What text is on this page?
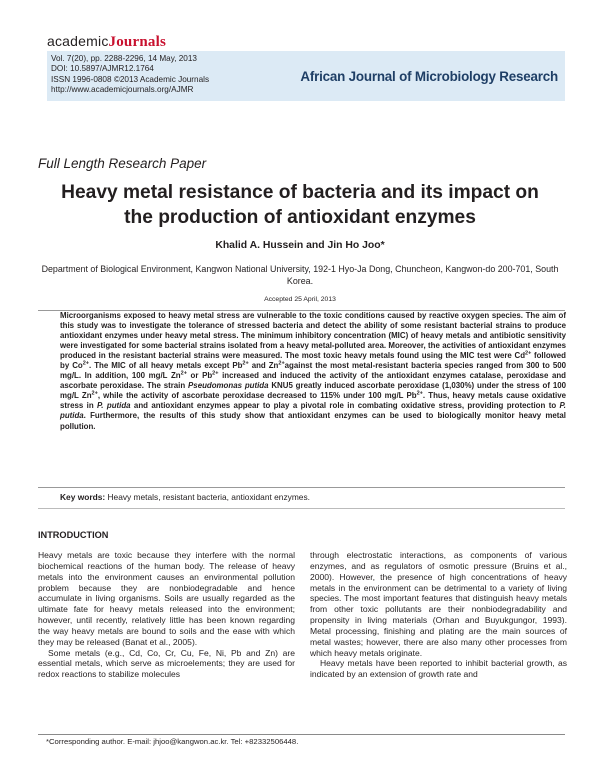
academicJournals
Vol. 7(20), pp. 2288-2296, 14 May, 2013
DOI: 10.5897/AJMR12.1764
ISSN 1996-0808 ©2013 Academic Journals
http://www.academicjournals.org/AJMR
African Journal of Microbiology Research
Full Length Research Paper
Heavy metal resistance of bacteria and its impact on
the production of antioxidant enzymes
Khalid A. Hussein and Jin Ho Joo*
Department of Biological Environment, Kangwon National University, 192-1 Hyo-Ja Dong, Chuncheon, Kangwon-do 200-701, South Korea.
Accepted 25 April, 2013
Microorganisms exposed to heavy metal stress are vulnerable to the toxic conditions caused by reactive oxygen species. The aim of this study was to investigate the tolerance of stressed bacteria and detect the ability of some resistant bacterial strains to produce antioxidant enzymes under heavy metal stress. The minimum inhibitory concentration (MIC) of heavy metals and antibiotic sensitivity were investigated for some bacterial strains isolated from a heavy metal-polluted area. Moreover, the activities of antioxidant enzymes produced in the resistant bacterial strains were measured. The most toxic heavy metals found using the MIC test were $Cd^{2+}$ followed by $Co^{2+}$. The MIC of all heavy metals except $Pb^{2+}$ and $Zn^{2+}against$ the most metal-resistant bacteria species ranged from 300 to 500 mg/L. In addition, 100 mg/L $Zn^{2+}$ or $Pb^{2+}$ increased and induced the activity of the antioxidant enzymes catalase, peroxidase and ascorbate peroxidase. The strain Pseudomonas putida KNU5 greatly induced ascorbate peroxidase (1,030%) under the stress of 100 mg/L $Zn^{2+}$, while the activity of ascorbate peroxidase decreased to 115% under 100 mg/L $Pb^{2+}$. Thus, heavy metals cause oxidative stress in P. putida and antioxidant enzymes appear to play a pivotal role in combating oxidative stress, providing protection to P. putida. Furthermore, the results of this study show that antioxidant enzymes can be used to biologically monitor heavy metal pollution.
Key words: Heavy metals, resistant bacteria, antioxidant enzymes.
INTRODUCTION

Heavy metals are toxic because they interfere with the normal biochemical reactions of the human body. The release of heavy metals into the environment causes an environmental pollution problem because they are nonbiodegradable and hence accumulate in living organisms. Soils are usually regarded as the ultimate fate for heavy metals released into the environment; however, until recently, relatively little has been known regarding the way heavy metals are bound to soils and the ease with which they may be released (Banat et al., 2005).

Some metals (e.g., Cd, Co, Cr, Cu, Fe, Ni, Pb and Zn) are essential metals, which serve as microelements; they are used for redox reactions to stabilize molecules

through electrostatic interactions, as components of various enzymes, and as regulators of osmotic pressure (Bruins et al., 2000). However, the presence of high concentrations of heavy metals in the environment can be detrimental to a variety of living species. The most important features that distinguish heavy metals from other toxic pollutants are their nonbiodegradability and propensity in living materials (Orhan and Buyukgungor, 1993). Metal processing, finishing and plating are the main sources of metal wastes; however, there are also many other processes from which heavy metals originate.

Heavy metals have been reported to inhibit bacterial growth, as indicated by an extension of growth rate and

*Corresponding author. E-mail: jhjoo@kangwon.ac.kr. Tel: +82332506448.
